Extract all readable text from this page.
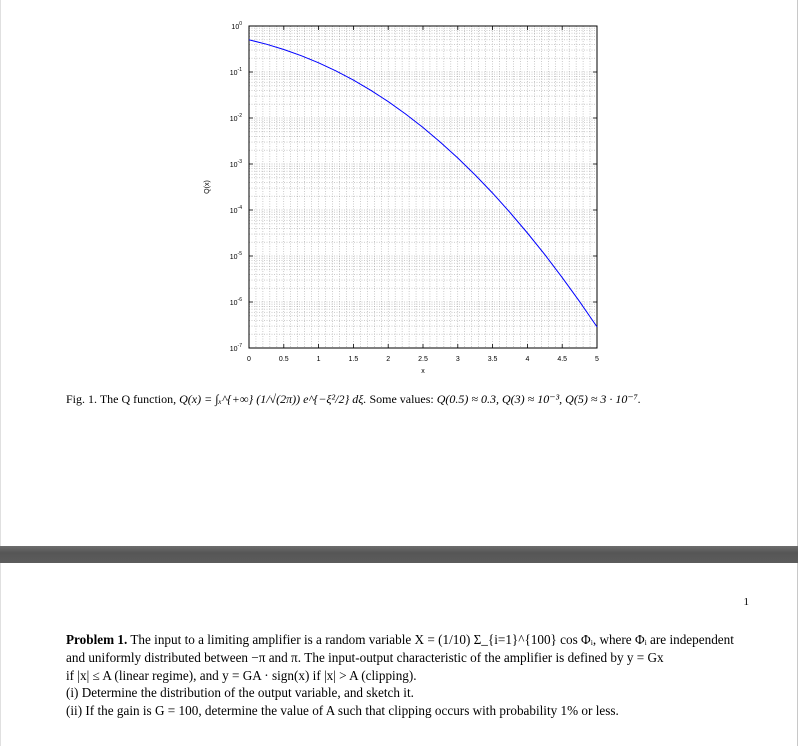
0	0.5	1	1.5	2	2.5	3	3.5	4	4.5	5
$10^0$
$10^{-1}$
$10^{-2}$
$10^{-3}$
$10^{-4}$
$10^{-5}$
$10^{-6}$
$10^{-7}$
x
Q(x)
Fig. 1. The Q function, Q(x) = ∫ₓ^{+∞} (1/√(2π)) e^{−ξ²/2} dξ. Some values: Q(0.5) ≈ 0.3, Q(3) ≈ 10⁻³, Q(5) ≈ 3 · 10⁻⁷.
1

Problem 1. The input to a limiting amplifier is a random variable X = (1/10) Σ_{i=1}^{100} cos Φᵢ, where Φᵢ are independent

and uniformly distributed between −π and π. The input-output characteristic of the amplifier is defined by y = Gx

if |x| ≤ A (linear regime), and y = GA · sign(x) if |x| > A (clipping).

(i) Determine the distribution of the output variable, and sketch it.

(ii) If the gain is G = 100, determine the value of A such that clipping occurs with probability 1% or less.
